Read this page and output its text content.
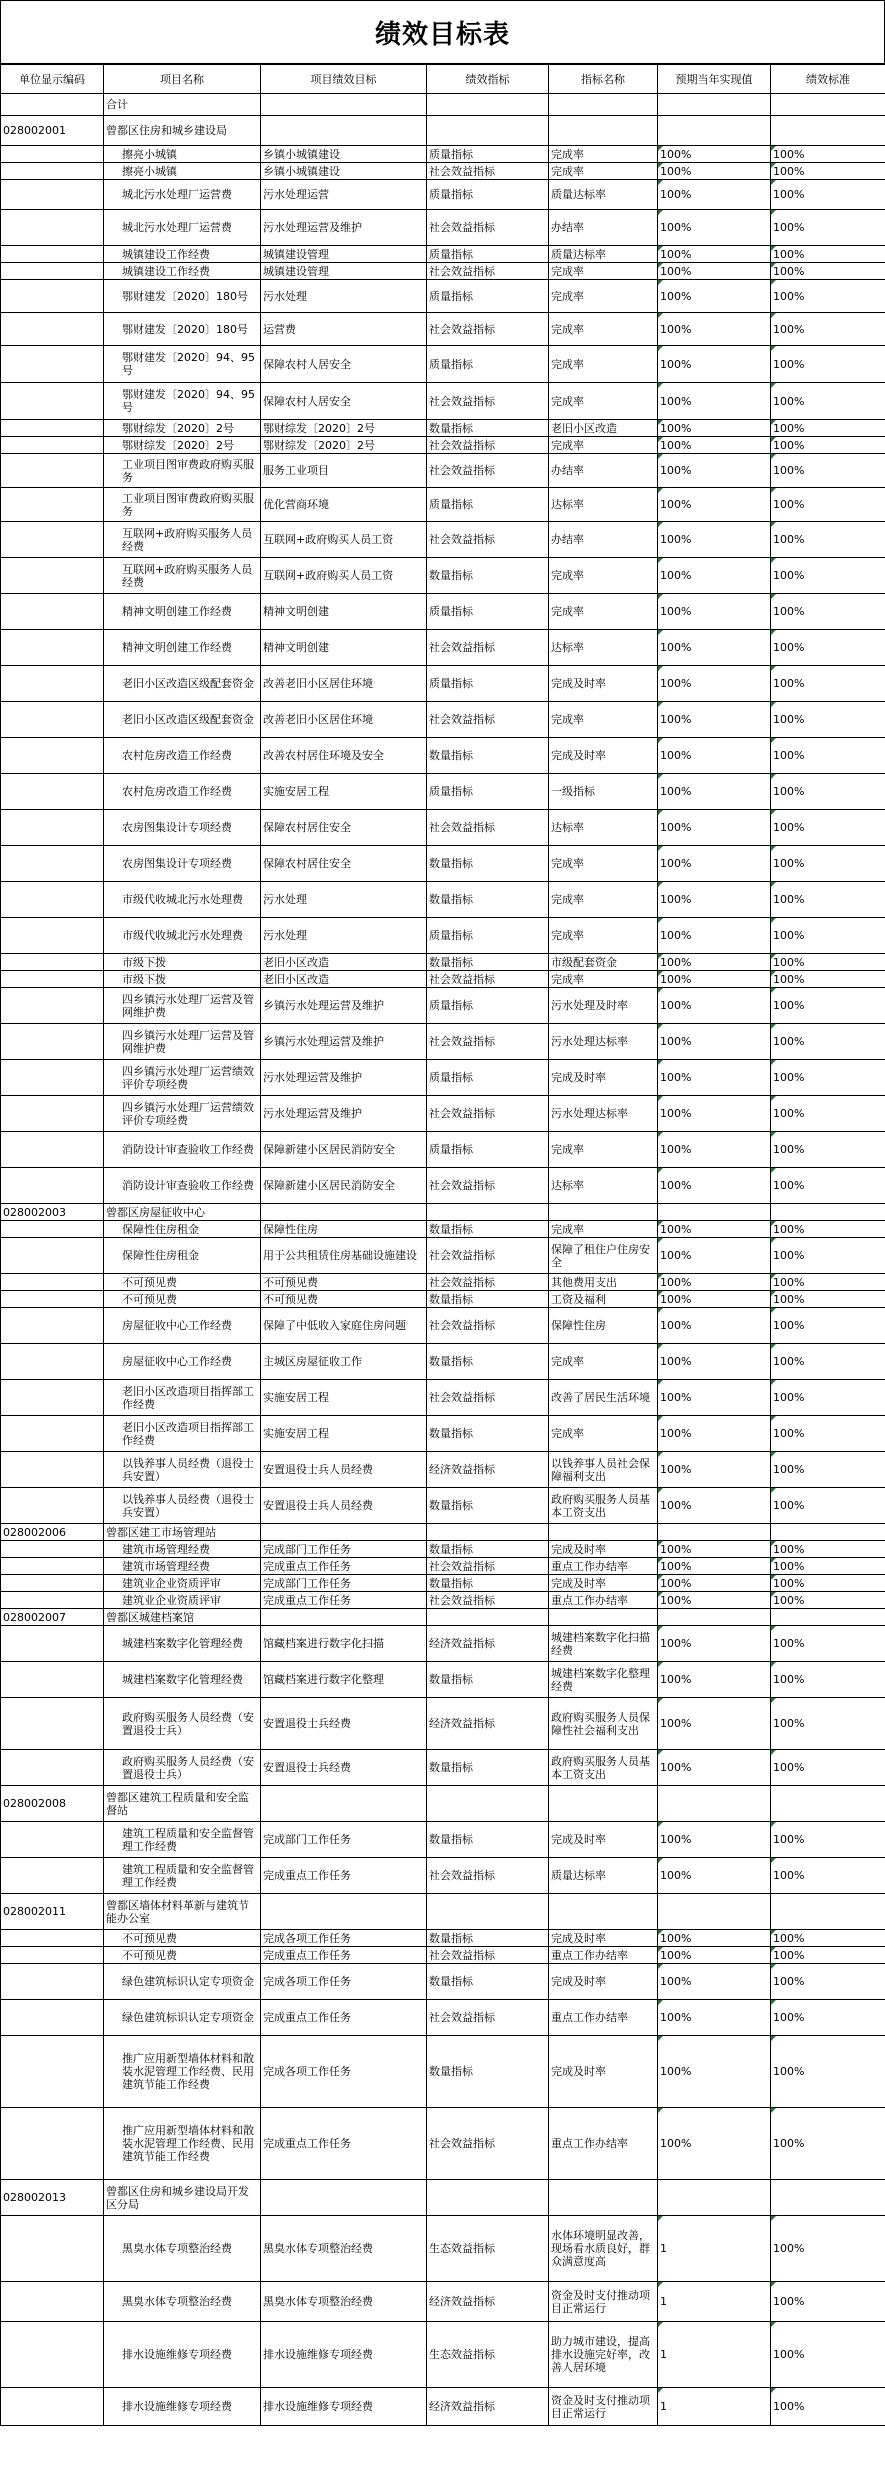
绩效目标表
单位显示编码	项目名称	项目绩效目标	绩效指标	指标名称	预期当年实现值	绩效标准
	合计					
028002001	曾都区住房和城乡建设局					
	擦亮小城镇	乡镇小城镇建设	质量指标	完成率	100%	100%
	擦亮小城镇	乡镇小城镇建设	社会效益指标	完成率	100%	100%
	城北污水处理厂运营费	污水处理运营	质量指标	质量达标率	100%	100%
	城北污水处理厂运营费	污水处理运营及维护	社会效益指标	办结率	100%	100%
	城镇建设工作经费	城镇建设管理	质量指标	质量达标率	100%	100%
	城镇建设工作经费	城镇建设管理	社会效益指标	完成率	100%	100%
	鄂财建发〔2020〕180号	污水处理	质量指标	完成率	100%	100%
	鄂财建发〔2020〕180号	运营费	社会效益指标	完成率	100%	100%
	鄂财建发〔2020〕94、95号	保障农村人居安全	质量指标	完成率	100%	100%
	鄂财建发〔2020〕94、95号	保障农村人居安全	社会效益指标	完成率	100%	100%
	鄂财综发〔2020〕2号	鄂财综发〔2020〕2号	数量指标	老旧小区改造	100%	100%
	鄂财综发〔2020〕2号	鄂财综发〔2020〕2号	社会效益指标	完成率	100%	100%
	工业项目图审费政府购买服务	服务工业项目	社会效益指标	办结率	100%	100%
	工业项目图审费政府购买服务	优化营商环境	质量指标	达标率	100%	100%
	互联网+政府购买服务人员经费	互联网+政府购买人员工资	社会效益指标	办结率	100%	100%
	互联网+政府购买服务人员经费	互联网+政府购买人员工资	数量指标	完成率	100%	100%
	精神文明创建工作经费	精神文明创建	质量指标	完成率	100%	100%
	精神文明创建工作经费	精神文明创建	社会效益指标	达标率	100%	100%
	老旧小区改造区级配套资金	改善老旧小区居住环境	质量指标	完成及时率	100%	100%
	老旧小区改造区级配套资金	改善老旧小区居住环境	社会效益指标	完成率	100%	100%
	农村危房改造工作经费	改善农村居住环境及安全	数量指标	完成及时率	100%	100%
	农村危房改造工作经费	实施安居工程	质量指标	一级指标	100%	100%
	农房图集设计专项经费	保障农村居住安全	社会效益指标	达标率	100%	100%
	农房图集设计专项经费	保障农村居住安全	数量指标	完成率	100%	100%
	市级代收城北污水处理费	污水处理	数量指标	完成率	100%	100%
	市级代收城北污水处理费	污水处理	质量指标	完成率	100%	100%
	市级下拨	老旧小区改造	数量指标	市级配套资金	100%	100%
	市级下拨	老旧小区改造	社会效益指标	完成率	100%	100%
	四乡镇污水处理厂运营及管网维护费	乡镇污水处理运营及维护	质量指标	污水处理及时率	100%	100%
	四乡镇污水处理厂运营及管网维护费	乡镇污水处理运营及维护	社会效益指标	污水处理达标率	100%	100%
	四乡镇污水处理厂运营绩效评价专项经费	污水处理运营及维护	质量指标	完成及时率	100%	100%
	四乡镇污水处理厂运营绩效评价专项经费	污水处理运营及维护	社会效益指标	污水处理达标率	100%	100%
	消防设计审查验收工作经费	保障新建小区居民消防安全	质量指标	完成率	100%	100%
	消防设计审查验收工作经费	保障新建小区居民消防安全	社会效益指标	达标率	100%	100%
028002003	曾都区房屋征收中心					
	保障性住房租金	保障性住房	数量指标	完成率	100%	100%
	保障性住房租金	用于公共租赁住房基础设施建设	社会效益指标	保障了租住户住房安全	100%	100%
	不可预见费	不可预见费	社会效益指标	其他费用支出	100%	100%
	不可预见费	不可预见费	数量指标	工资及福利	100%	100%
	房屋征收中心工作经费	保障了中低收入家庭住房问题	社会效益指标	保障性住房	100%	100%
	房屋征收中心工作经费	主城区房屋征收工作	数量指标	完成率	100%	100%
	老旧小区改造项目指挥部工作经费	实施安居工程	社会效益指标	改善了居民生活环境	100%	100%
	老旧小区改造项目指挥部工作经费	实施安居工程	数量指标	完成率	100%	100%
	以钱养事人员经费（退役士兵安置）	安置退役士兵人员经费	经济效益指标	以钱养事人员社会保障福利支出	100%	100%
	以钱养事人员经费（退役士兵安置）	安置退役士兵人员经费	数量指标	政府购买服务人员基本工资支出	100%	100%
028002006	曾都区建工市场管理站					
	建筑市场管理经费	完成部门工作任务	数量指标	完成及时率	100%	100%
	建筑市场管理经费	完成重点工作任务	社会效益指标	重点工作办结率	100%	100%
	建筑业企业资质评审	完成部门工作任务	数量指标	完成及时率	100%	100%
	建筑业企业资质评审	完成重点工作任务	社会效益指标	重点工作办结率	100%	100%
028002007	曾都区城建档案馆					
	城建档案数字化管理经费	馆藏档案进行数字化扫描	经济效益指标	城建档案数字化扫描经费	100%	100%
	城建档案数字化管理经费	馆藏档案进行数字化整理	数量指标	城建档案数字化整理经费	100%	100%
	政府购买服务人员经费（安置退役士兵）	安置退役士兵经费	经济效益指标	政府购买服务人员保障性社会福利支出	100%	100%
	政府购买服务人员经费（安置退役士兵）	安置退役士兵经费	数量指标	政府购买服务人员基本工资支出	100%	100%
028002008	曾都区建筑工程质量和安全监督站					
	建筑工程质量和安全监督管理工作经费	完成部门工作任务	数量指标	完成及时率	100%	100%
	建筑工程质量和安全监督管理工作经费	完成重点工作任务	社会效益指标	质量达标率	100%	100%
028002011	曾都区墙体材料革新与建筑节能办公室					
	不可预见费	完成各项工作任务	数量指标	完成及时率	100%	100%
	不可预见费	完成重点工作任务	社会效益指标	重点工作办结率	100%	100%
	绿色建筑标识认定专项资金	完成各项工作任务	数量指标	完成及时率	100%	100%
	绿色建筑标识认定专项资金	完成重点工作任务	社会效益指标	重点工作办结率	100%	100%
	推广应用新型墙体材料和散装水泥管理工作经费、民用建筑节能工作经费	完成各项工作任务	数量指标	完成及时率	100%	100%
	推广应用新型墙体材料和散装水泥管理工作经费、民用建筑节能工作经费	完成重点工作任务	社会效益指标	重点工作办结率	100%	100%
028002013	曾都区住房和城乡建设局开发区分局					
	黑臭水体专项整治经费	黑臭水体专项整治经费	生态效益指标	水体环境明显改善，现场看水质良好，群众满意度高	1	100%
	黑臭水体专项整治经费	黑臭水体专项整治经费	经济效益指标	资金及时支付推动项目正常运行	1	100%
	排水设施维修专项经费	排水设施维修专项经费	生态效益指标	助力城市建设，提高排水设施完好率，改善人居环境	1	100%
	排水设施维修专项经费	排水设施维修专项经费	经济效益指标	资金及时支付推动项目正常运行	1	100%
